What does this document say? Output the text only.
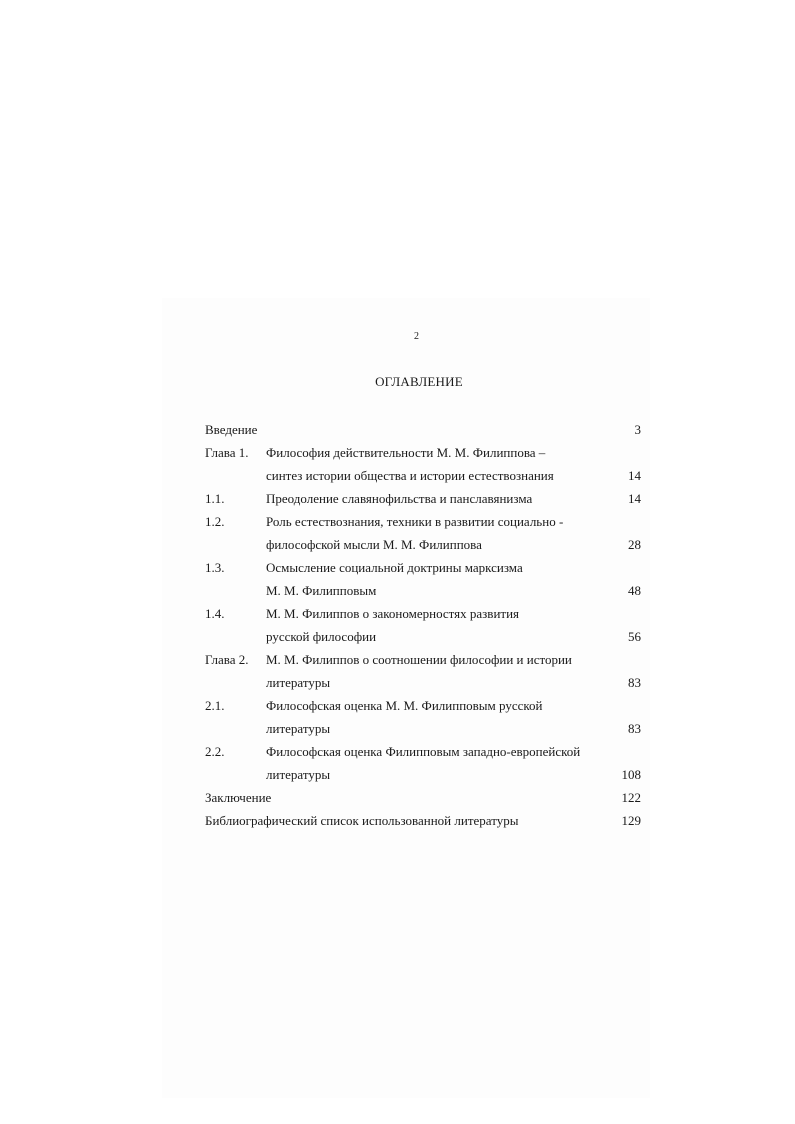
2
ОГЛАВЛЕНИЕ
Введение	3
Глава 1. Философия действительности М. М. Филиппова –
синтез истории общества и истории естествознания	14
1.1.	Преодоление славянофильства и панславянизма	14
1.2.	Роль естествознания, техники в развитии социально -
философской мысли М. М. Филиппова	28
1.3.	Осмысление социальной доктрины марксизма
М. М. Филипповым	48
1.4.	М. М. Филиппов о закономерностях развития
русской философии	56
Глава 2. М. М. Филиппов о соотношении философии и истории
литературы	83
2.1.	Философская оценка М. М. Филипповым русской
литературы	83
2.2.	Философская оценка Филипповым западно-европейской
литературы	108
Заключение	122
Библиографический список использованной литературы	129
